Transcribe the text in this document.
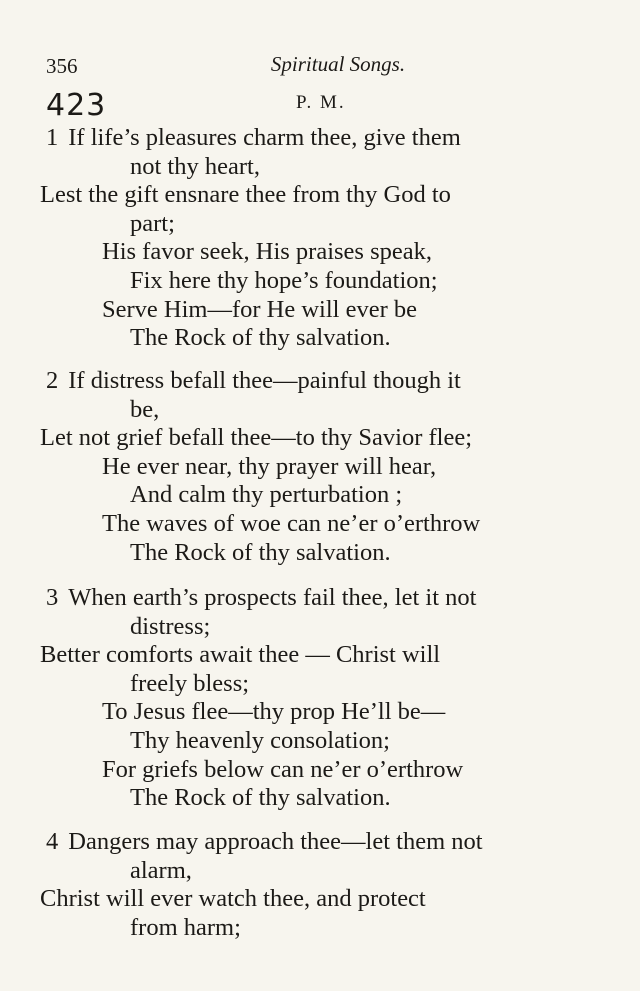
356	Spiritual Songs.
423	P. M.
1 If life’s pleasures charm thee, give them
not thy heart,
Lest the gift ensnare thee from thy God to
part;
His favor seek, His praises speak,
Fix here thy hope’s foundation;
Serve Him—for He will ever be
The Rock of thy salvation.
2 If distress befall thee—painful though it
be,
Let not grief befall thee—to thy Savior flee;
He ever near, thy prayer will hear,
And calm thy perturbation ;
The waves of woe can ne’er o’erthrow
The Rock of thy salvation.
3 When earth’s prospects fail thee, let it not
distress;
Better comforts await thee — Christ will
freely bless;
To Jesus flee—thy prop He’ll be—
Thy heavenly consolation;
For griefs below can ne’er o’erthrow
The Rock of thy salvation.
4 Dangers may approach thee—let them not
alarm,
Christ will ever watch thee, and protect
from harm;
